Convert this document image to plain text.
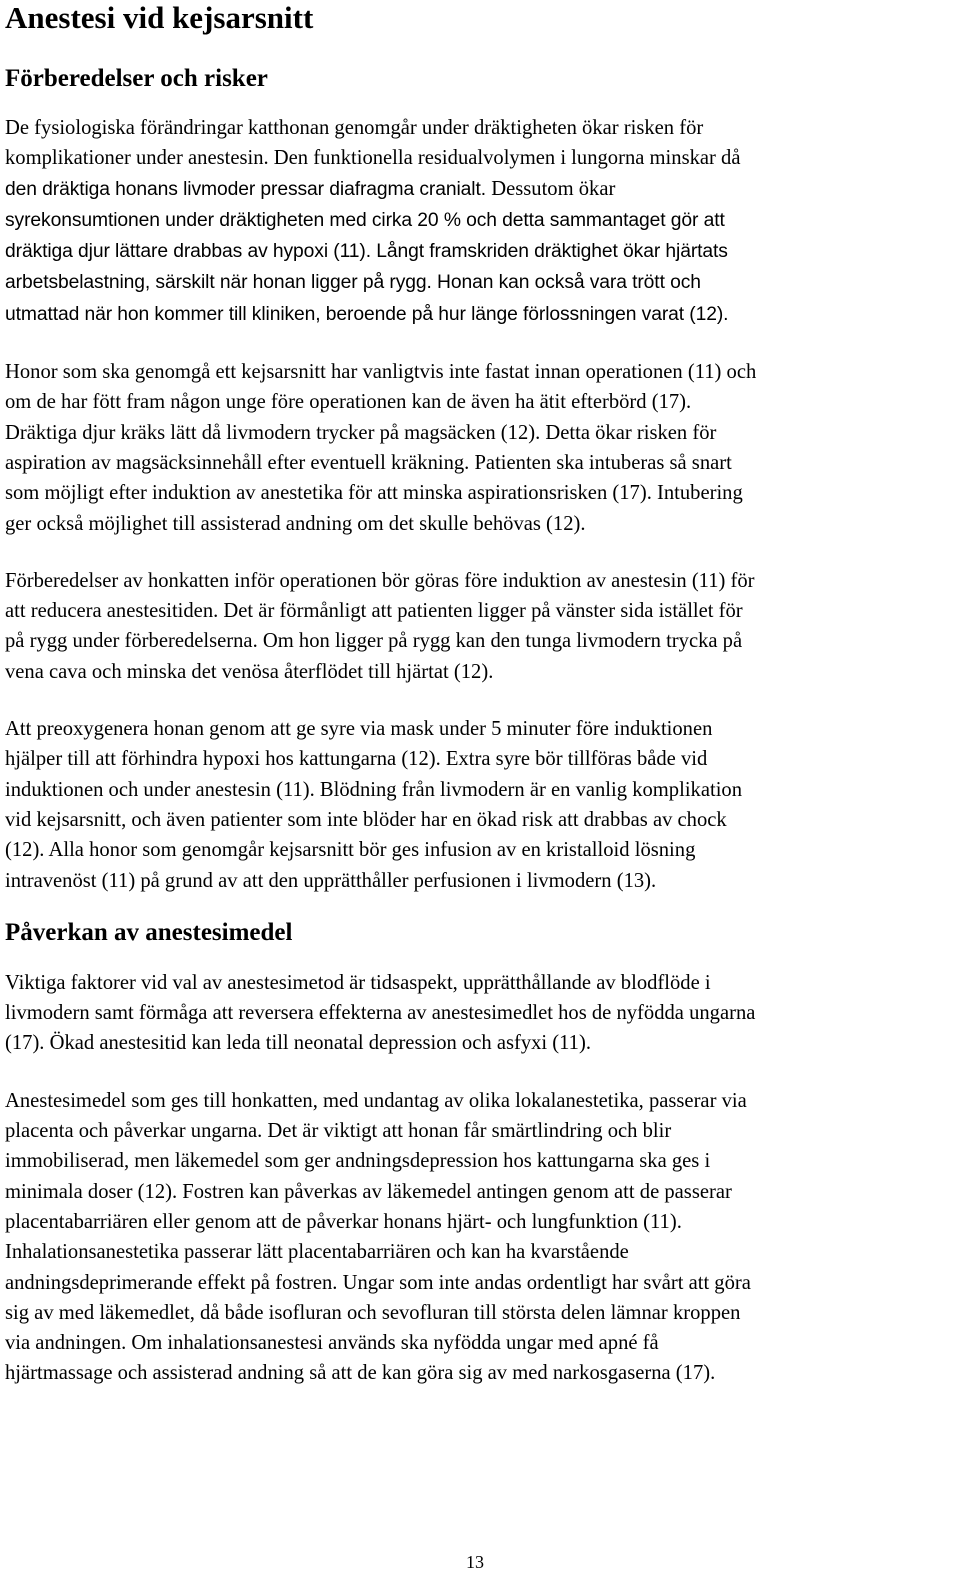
Anestesi vid kejsarsnitt
Förberedelser och risker

De fysiologiska förändringar katthonan genomgår under dräktigheten ökar risken för
komplikationer under anestesin. Den funktionella residualvolymen i lungorna minskar då
den dräktiga honans livmoder pressar diafragma cranialt. Dessutom ökar
syrekonsumtionen under dräktigheten med cirka 20 % och detta sammantaget gör att
dräktiga djur lättare drabbas av hypoxi (11). Långt framskriden dräktighet ökar hjärtats
arbetsbelastning, särskilt när honan ligger på rygg. Honan kan också vara trött och
utmattad när hon kommer till kliniken, beroende på hur länge förlossningen varat (12).

Honor som ska genomgå ett kejsarsnitt har vanligtvis inte fastat innan operationen (11) och
om de har fött fram någon unge före operationen kan de även ha ätit efterbörd (17).
Dräktiga djur kräks lätt då livmodern trycker på magsäcken (12). Detta ökar risken för
aspiration av magsäcksinnehåll efter eventuell kräkning. Patienten ska intuberas så snart
som möjligt efter induktion av anestetika för att minska aspirationsrisken (17). Intubering
ger också möjlighet till assisterad andning om det skulle behövas (12).

Förberedelser av honkatten inför operationen bör göras före induktion av anestesin (11) för
att reducera anestesitiden. Det är förmånligt att patienten ligger på vänster sida istället för
på rygg under förberedelserna. Om hon ligger på rygg kan den tunga livmodern trycka på
vena cava och minska det venösa återflödet till hjärtat (12).

Att preoxygenera honan genom att ge syre via mask under 5 minuter före induktionen
hjälper till att förhindra hypoxi hos kattungarna (12). Extra syre bör tillföras både vid
induktionen och under anestesin (11). Blödning från livmodern är en vanlig komplikation
vid kejsarsnitt, och även patienter som inte blöder har en ökad risk att drabbas av chock
(12). Alla honor som genomgår kejsarsnitt bör ges infusion av en kristalloid lösning
intravenöst (11) på grund av att den upprätthåller perfusionen i livmodern (13).

Påverkan av anestesimedel

Viktiga faktorer vid val av anestesimetod är tidsaspekt, upprätthållande av blodflöde i
livmodern samt förmåga att reversera effekterna av anestesimedlet hos de nyfödda ungarna
(17). Ökad anestesitid kan leda till neonatal depression och asfyxi (11).

Anestesimedel som ges till honkatten, med undantag av olika lokalanestetika, passerar via
placenta och påverkar ungarna. Det är viktigt att honan får smärtlindring och blir
immobiliserad, men läkemedel som ger andningsdepression hos kattungarna ska ges i
minimala doser (12). Fostren kan påverkas av läkemedel antingen genom att de passerar
placentabarriären eller genom att de påverkar honans hjärt- och lungfunktion (11).
Inhalationsanestetika passerar lätt placentabarriären och kan ha kvarstående
andningsdeprimerande effekt på fostren. Ungar som inte andas ordentligt har svårt att göra
sig av med läkemedlet, då både isofluran och sevofluran till största delen lämnar kroppen
via andningen. Om inhalationsanestesi används ska nyfödda ungar med apné få
hjärtmassage och assisterad andning så att de kan göra sig av med narkosgaserna (17).

13
